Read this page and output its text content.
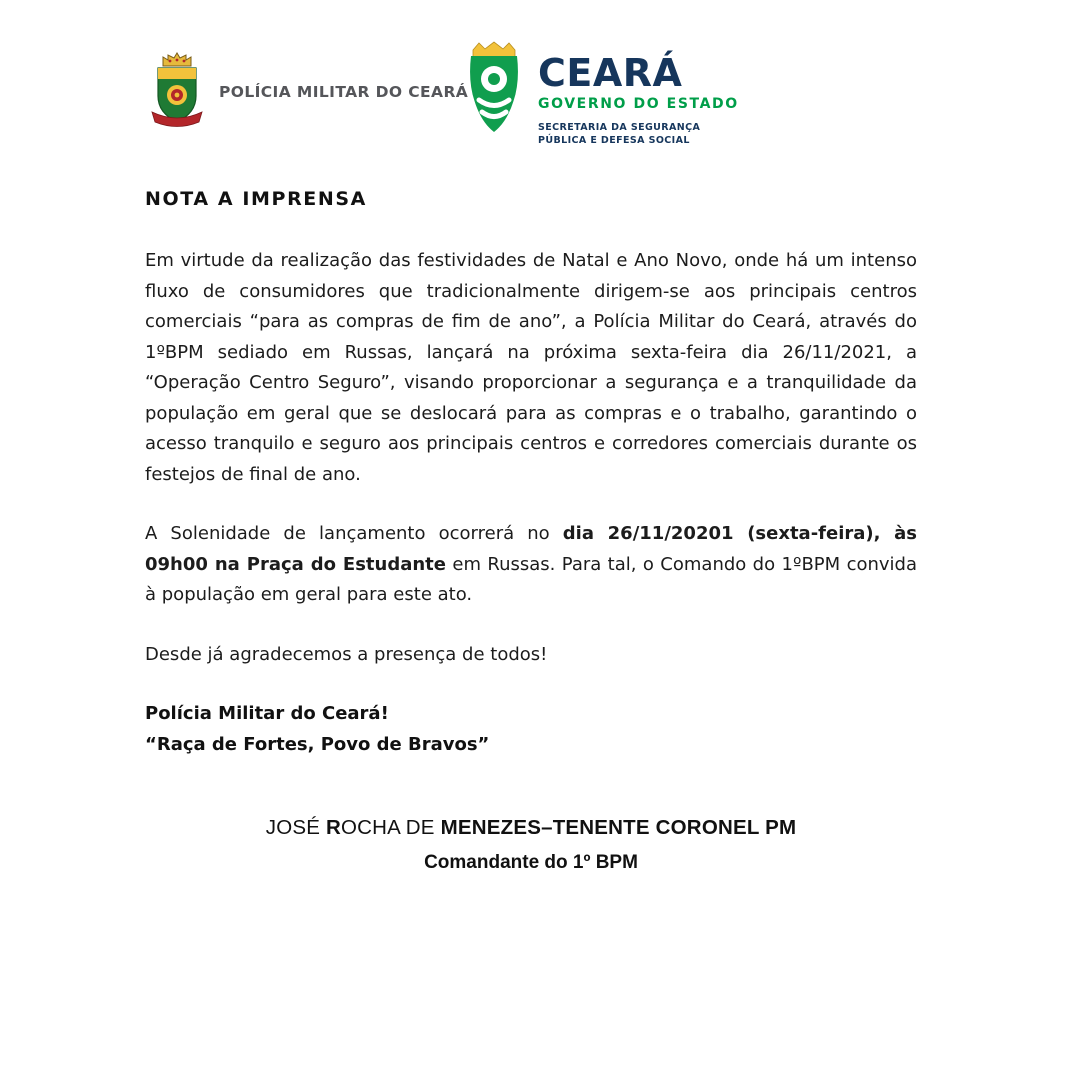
POLÍCIA MILITAR DO CEARÁ CEARÁ
GOVERNO DO ESTADO
SECRETARIA DA SEGURANÇA
PÚBLICA E DEFESA SOCIAL
NOTA A IMPRENSA

Em virtude da realização das festividades de Natal e Ano Novo, onde há um intenso fluxo de consumidores que tradicionalmente dirigem-se aos principais centros comerciais “para as compras de fim de ano”, a Polícia Militar do Ceará, através do 1ºBPM sediado em Russas, lançará na próxima sexta-feira dia 26/11/2021, a “Operação Centro Seguro”, visando proporcionar a segurança e a tranquilidade da população em geral que se deslocará para as compras e o trabalho, garantindo o acesso tranquilo e seguro aos principais centros e corredores comerciais durante os festejos de final de ano.

A Solenidade de lançamento ocorrerá no dia 26/11/20201 (sexta-feira), às 09h00 na Praça do Estudante em Russas. Para tal, o Comando do 1ºBPM convida à população em geral para este ato.

Desde já agradecemos a presença de todos!

Polícia Militar do Ceará!

“Raça de Fortes, Povo de Bravos”

JOSÉ ROCHA DE MENEZES–TENENTE CORONEL PM
Comandante do 1º BPM
